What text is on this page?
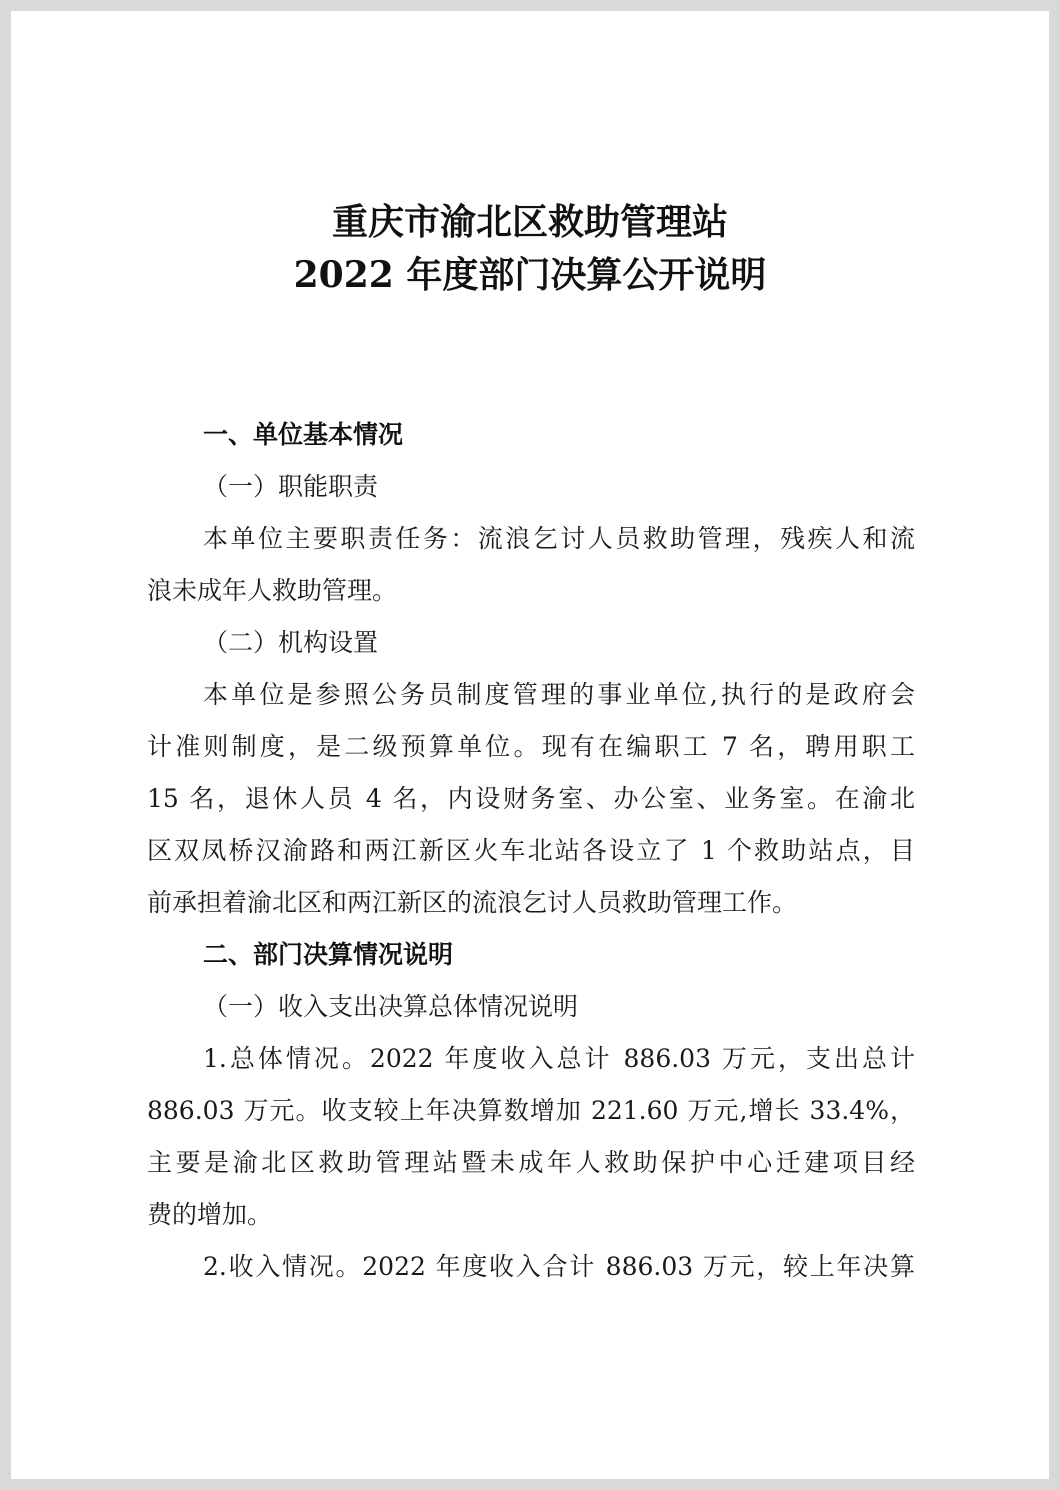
重庆市渝北区救助管理站
2022 年度部门决算公开说明
一、单位基本情况
（一）职能职责
本单位主要职责任务：流浪乞讨人员救助管理，残疾人和流
浪未成年人救助管理。
（二）机构设置
本单位是参照公务员制度管理的事业单位,执行的是政府会
计准则制度，是二级预算单位。现有在编职工 7 名，聘用职工
15 名，退休人员 4 名，内设财务室、办公室、业务室。在渝北
区双凤桥汉渝路和两江新区火车北站各设立了 1 个救助站点，目
前承担着渝北区和两江新区的流浪乞讨人员救助管理工作。
二、部门决算情况说明
（一）收入支出决算总体情况说明
1.总体情况。2022 年度收入总计 886.03 万元，支出总计
886.03 万元。收支较上年决算数增加 221.60 万元,增长 33.4%，
主要是渝北区救助管理站暨未成年人救助保护中心迁建项目经
费的增加。
2.收入情况。2022 年度收入合计 886.03 万元，较上年决算
